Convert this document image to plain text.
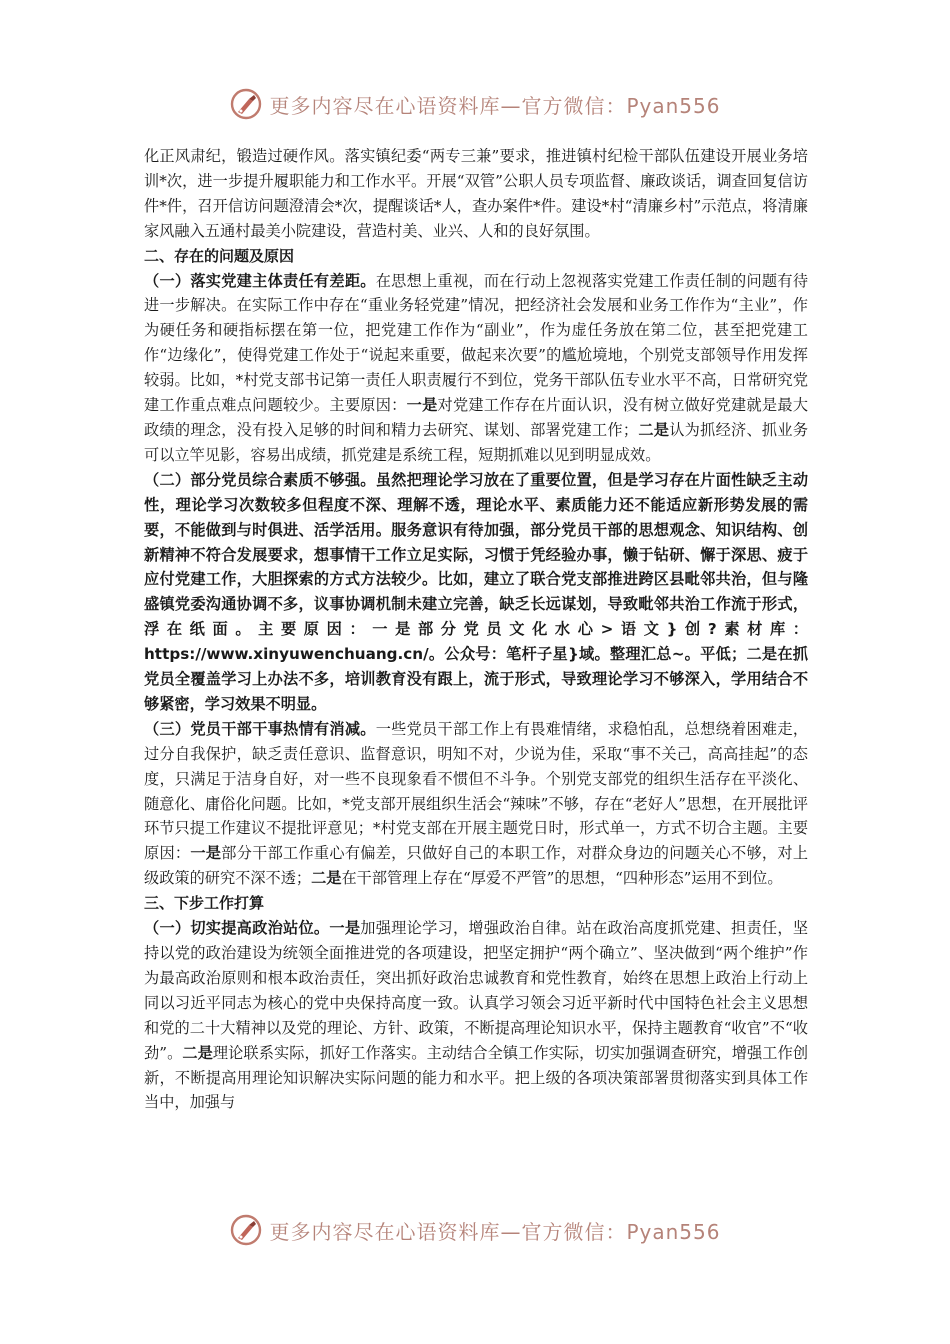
更多内容尽在心语资料库—官方微信：Pyan556

化正风肃纪，锻造过硬作风。落实镇纪委“两专三兼”要求，推进镇村纪检干部队伍建设开展业务培训*次，进一步提升履职能力和工作水平。开展“双管”公职人员专项监督、廉政谈话，调查回复信访件*件，召开信访问题澄清会*次，提醒谈话*人，查办案件*件。建设*村“清廉乡村”示范点，将清廉家风融入五通村最美小院建设，营造村美、业兴、人和的良好氛围。

二、存在的问题及原因

（一）落实党建主体责任有差距。在思想上重视，而在行动上忽视落实党建工作责任制的问题有待进一步解决。在实际工作中存在“重业务轻党建”情况，把经济社会发展和业务工作作为“主业”，作为硬任务和硬指标摆在第一位，把党建工作作为“副业”，作为虚任务放在第二位，甚至把党建工作“边缘化”，使得党建工作处于“说起来重要，做起来次要”的尴尬境地，个别党支部领导作用发挥较弱。比如，*村党支部书记第一责任人职责履行不到位，党务干部队伍专业水平不高，日常研究党建工作重点难点问题较少。主要原因：一是对党建工作存在片面认识，没有树立做好党建就是最大政绩的理念，没有投入足够的时间和精力去研究、谋划、部署党建工作；二是认为抓经济、抓业务可以立竿见影，容易出成绩，抓党建是系统工程，短期抓难以见到明显成效。

（二）部分党员综合素质不够强。虽然把理论学习放在了重要位置，但是学习存在片面性缺乏主动性，理论学习次数较多但程度不深、理解不透，理论水平、素质能力还不能适应新形势发展的需要，不能做到与时俱进、活学活用。服务意识有待加强，部分党员干部的思想观念、知识结构、创新精神不符合发展要求，想事情干工作立足实际，习惯于凭经验办事，懒于钻研、懈于深思、疲于应付党建工作，大胆探索的方式方法较少。比如，建立了联合党支部推进跨区县毗邻共治，但与隆盛镇党委沟通协调不多，议事协调机制未建立完善，缺乏长远谋划，导致毗邻共治工作流于形式，浮在纸面。主要原因：一是部分党员文化水心>语文}创?素材库：https://www.xinyuwenchuang.cn/。公众号：笔杆子星}域。整理汇总~。平低；二是在抓党员全覆盖学习上办法不多，培训教育没有跟上，流于形式，导致理论学习不够深入，学用结合不够紧密，学习效果不明显。

（三）党员干部干事热情有消减。一些党员干部工作上有畏难情绪，求稳怕乱，总想绕着困难走，过分自我保护，缺乏责任意识、监督意识，明知不对，少说为佳，采取“事不关己，高高挂起”的态度，只满足于洁身自好，对一些不良现象看不惯但不斗争。个别党支部党的组织生活存在平淡化、随意化、庸俗化问题。比如，*党支部开展组织生活会“辣味”不够，存在“老好人”思想，在开展批评环节只提工作建议不提批评意见；*村党支部在开展主题党日时，形式单一，方式不切合主题。主要原因：一是部分干部工作重心有偏差，只做好自己的本职工作，对群众身边的问题关心不够，对上级政策的研究不深不透；二是在干部管理上存在“厚爱不严管”的思想，“四种形态”运用不到位。

三、下步工作打算

（一）切实提高政治站位。一是加强理论学习，增强政治自律。站在政治高度抓党建、担责任，坚持以党的政治建设为统领全面推进党的各项建设，把坚定拥护“两个确立”、坚决做到“两个维护”作为最高政治原则和根本政治责任，突出抓好政治忠诚教育和党性教育，始终在思想上政治上行动上同以习近平同志为核心的党中央保持高度一致。认真学习领会习近平新时代中国特色社会主义思想和党的二十大精神以及党的理论、方针、政策，不断提高理论知识水平，保持主题教育“收官”不“收劲”。二是理论联系实际，抓好工作落实。主动结合全镇工作实际，切实加强调查研究，增强工作创新，不断提高用理论知识解决实际问题的能力和水平。把上级的各项决策部署贯彻落实到具体工作当中，加强与

更多内容尽在心语资料库—官方微信：Pyan556
